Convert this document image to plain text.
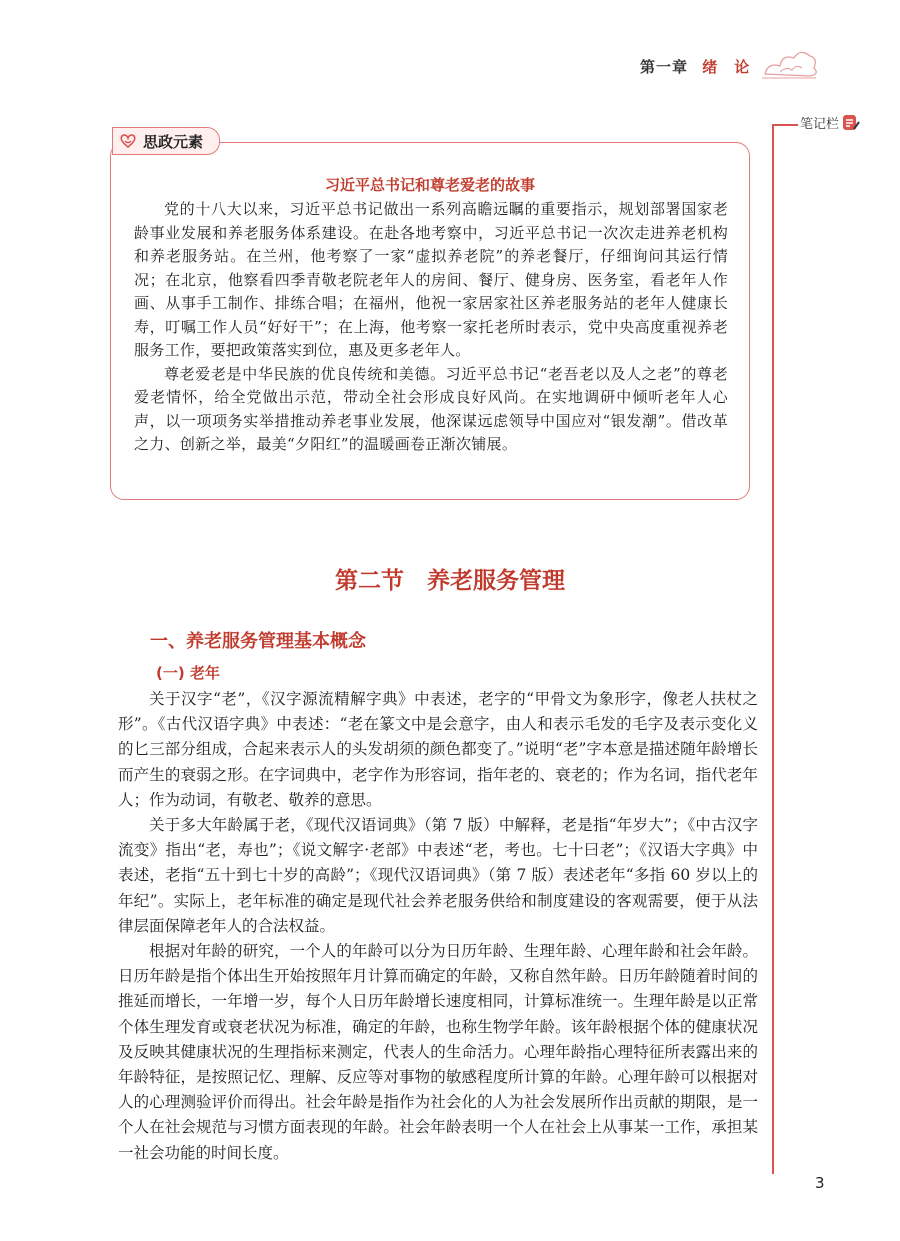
第一章 绪　论
笔记栏
思政元素
习近平总书记和尊老爱老的故事

党的十八大以来，习近平总书记做出一系列高瞻远瞩的重要指示，规划部署国家老龄事业发展和养老服务体系建设。在赴各地考察中，习近平总书记一次次走进养老机构和养老服务站。在兰州，他考察了一家“虚拟养老院”的养老餐厅，仔细询问其运行情况；在北京，他察看四季青敬老院老年人的房间、餐厅、健身房、医务室，看老年人作画、从事手工制作、排练合唱；在福州，他祝一家居家社区养老服务站的老年人健康长寿，叮嘱工作人员“好好干”；在上海，他考察一家托老所时表示，党中央高度重视养老服务工作，要把政策落实到位，惠及更多老年人。

尊老爱老是中华民族的优良传统和美德。习近平总书记“老吾老以及人之老”的尊老爱老情怀，给全党做出示范，带动全社会形成良好风尚。在实地调研中倾听老年人心声，以一项项务实举措推动养老事业发展，他深谋远虑领导中国应对“银发潮”。借改革之力、创新之举，最美“夕阳红”的温暖画卷正渐次铺展。

第二节　养老服务管理
一、养老服务管理基本概念
(一) 老年

关于汉字“老”，《汉字源流精解字典》中表述，老字的“甲骨文为象形字，像老人扶杖之形”。《古代汉语字典》中表述：“老在篆文中是会意字，由人和表示毛发的毛字及表示变化义的匕三部分组成，合起来表示人的头发胡须的颜色都变了。”说明“老”字本意是描述随年龄增长而产生的衰弱之形。在字词典中，老字作为形容词，指年老的、衰老的；作为名词，指代老年人；作为动词，有敬老、敬养的意思。

关于多大年龄属于老，《现代汉语词典》（第 7 版）中解释，老是指“年岁大”；《中古汉字流变》指出“老，寿也”；《说文解字·老部》中表述“老，考也。七十曰老”；《汉语大字典》中表述，老指“五十到七十岁的高龄”；《现代汉语词典》（第 7 版）表述老年“多指 60 岁以上的年纪”。实际上，老年标准的确定是现代社会养老服务供给和制度建设的客观需要，便于从法律层面保障老年人的合法权益。

根据对年龄的研究，一个人的年龄可以分为日历年龄、生理年龄、心理年龄和社会年龄。日历年龄是指个体出生开始按照年月计算而确定的年龄，又称自然年龄。日历年龄随着时间的推延而增长，一年增一岁，每个人日历年龄增长速度相同，计算标准统一。生理年龄是以正常个体生理发育或衰老状况为标准，确定的年龄，也称生物学年龄。该年龄根据个体的健康状况及反映其健康状况的生理指标来测定，代表人的生命活力。心理年龄指心理特征所表露出来的年龄特征，是按照记忆、理解、反应等对事物的敏感程度所计算的年龄。心理年龄可以根据对人的心理测验评价而得出。社会年龄是指作为社会化的人为社会发展所作出贡献的期限，是一个人在社会规范与习惯方面表现的年龄。社会年龄表明一个人在社会上从事某一工作，承担某一社会功能的时间长度。

3
